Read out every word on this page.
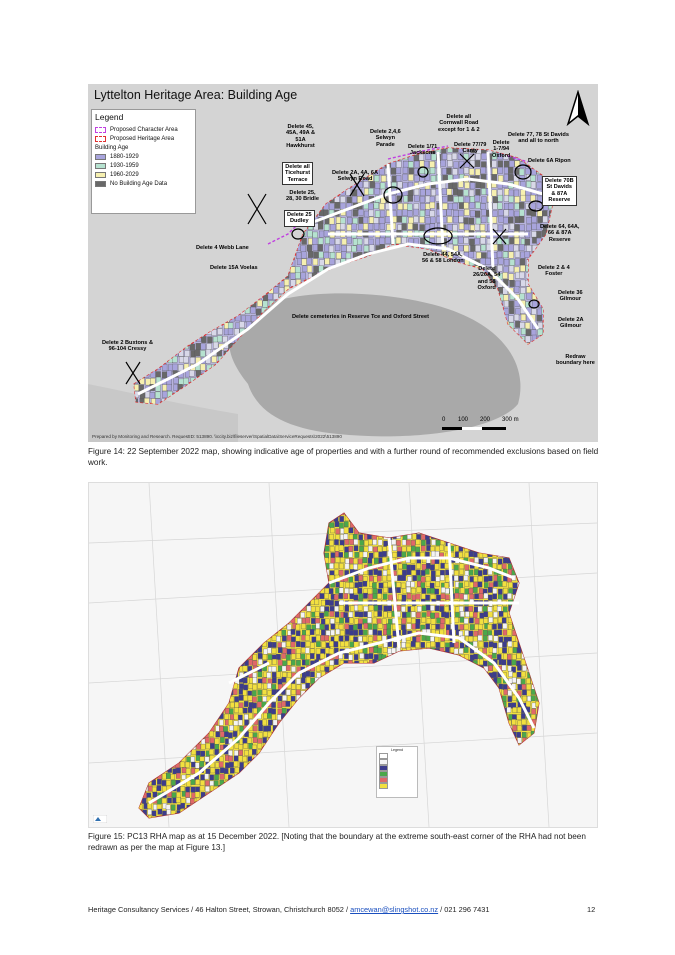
Lyttelton Heritage Area: Building Age
Legend
Proposed Character Area
Proposed Heritage Area
Building Age
1880-1929
1930-1959
1960-2029
No Building Age Data
Delete 45,
45A, 49A &
51A
Hawkhurst
Delete 2,4,6
Selwyn
Parade
Delete all
Cornwall Road
except for 1 & 2
Delete 1/71
Jacksons
Delete 77/79
Canty
Delete
1-7/94
Oxford
Delete 77, 78 St Davids
and all to north
Delete 6A Ripon
Delete all
Ticehurst
Terrace
Delete 2A, 4A, 6A
Selwyn Road	Delete 70B
St Davids
& 87A
Reserve
Delete 25,
28, 30 Bridle
Delete 25
Dudley
Delete 64, 64A,
66 & 87A
Reserve
Delete 4 Webb Lane
Delete 44, 54A,
56 & 58 London
Delete 15A Voelas	Delete
26/26A, 54
and 58
Oxford
Delete 2 & 4
Foster
Delete 36
Gilmour
Delete cemeteries in Reserve Tce and Oxford Street	Delete 2A
Gilmour
Delete 2 Buxtons &
96-104 Cressy
Redraw
boundary here
0 100 200 300 m
Prepared by Monitoring and Research. RequestID: 513890. \\ccity.biz\fileserver\SpatialData\ServiceRequests\2022\513890
Figure 14: 22 September 2022 map, showing indicative age of properties and with a further round of recommended exclusions based on field work.
Legend
Figure 15: PC13 RHA map as at 15 December 2022. [Noting that the boundary at the extreme south-east corner of the RHA had not been redrawn as per the map at Figure 13.]
Heritage Consultancy Services / 46 Halton Street, Strowan, Christchurch 8052 / amcewan@slingshot.co.nz / 021 296 7431	12
